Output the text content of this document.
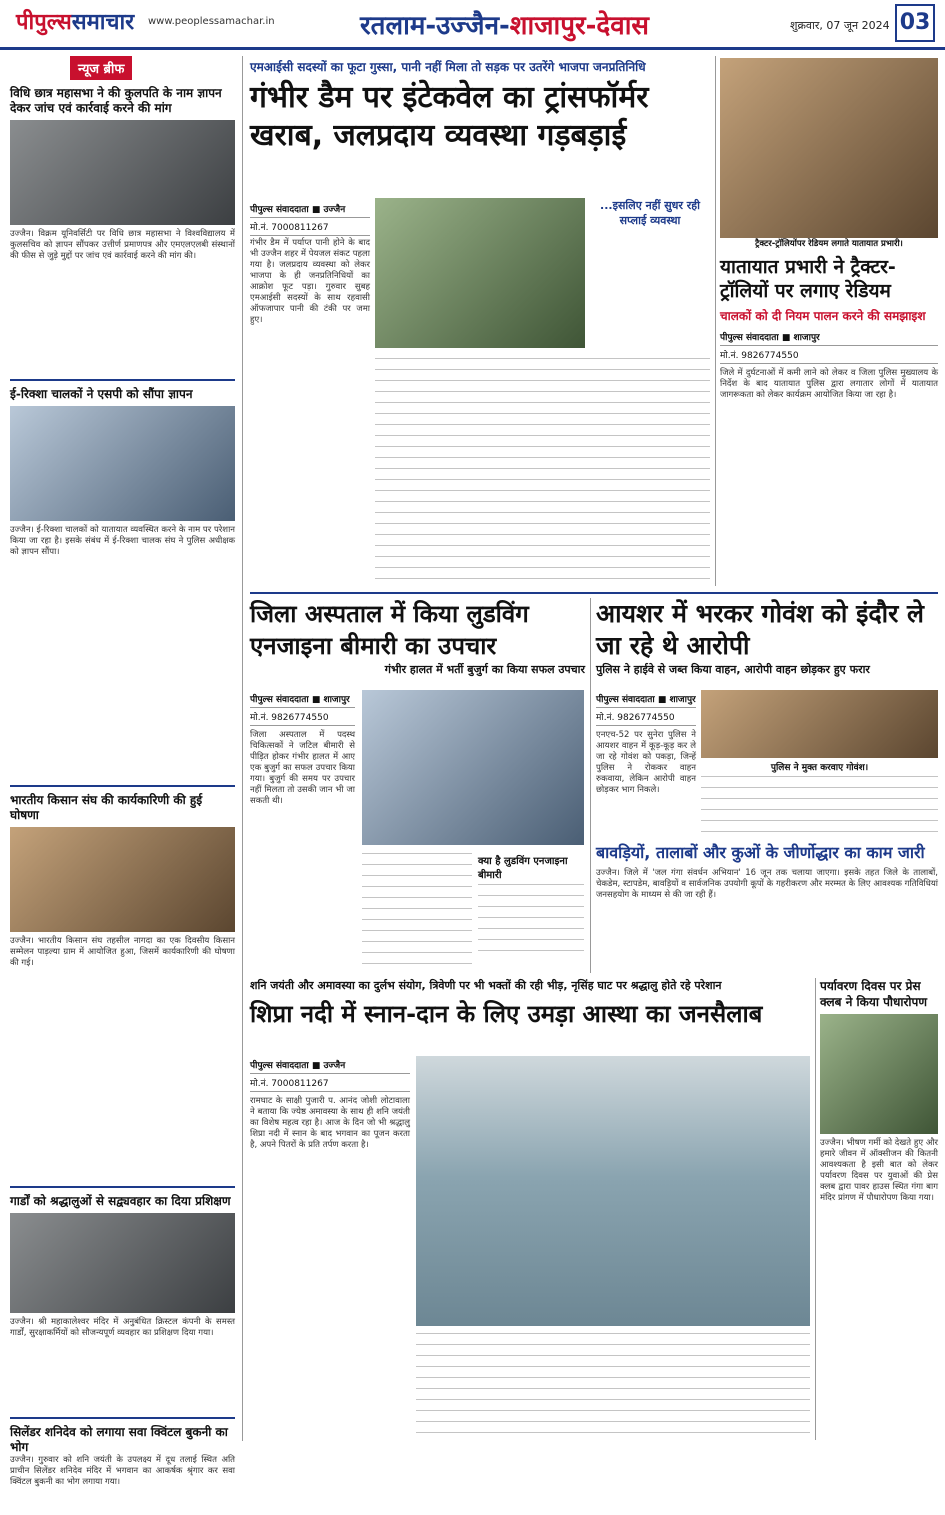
पीपुल्ससमाचार www.peoplessamachar.in	रतलाम-उज्जैन-शाजापुर-देवास	शुक्रवार, 07 जून 2024 03
न्यूज ब्रीफ
विधि छात्र महासभा ने की कुलपति के नाम ज्ञापन देकर जांच एवं कार्रवाई करने की मांग
उज्जैन। विक्रम यूनिवर्सिटी पर विधि छात्र महासभा ने विश्वविद्यालय में कुलसचिव को ज्ञापन सौंपकर उत्तीर्ण प्रमाणपत्र और एमएलएलबी संस्थानों की फीस से जुड़े मुद्दों पर जांच एवं कार्रवाई करने की मांग की।
ई-रिक्शा चालकों ने एसपी को सौंपा ज्ञापन
उज्जैन। ई-रिक्शा चालकों को यातायात व्यवस्थित करने के नाम पर परेशान किया जा रहा है। इसके संबंध में ई-रिक्शा चालक संघ ने पुलिस अधीक्षक को ज्ञापन सौंपा।
भारतीय किसान संघ की कार्यकारिणी की हुई घोषणा
उज्जैन। भारतीय किसान संघ तहसील नागदा का एक दिवसीय किसान सम्मेलन पाड़ल्या ग्राम में आयोजित हुआ, जिसमें कार्यकारिणी की घोषणा की गई।
गार्डों को श्रद्धालुओं से सद्व्यवहार का दिया प्रशिक्षण
उज्जैन। श्री महाकालेश्वर मंदिर में अनुबंधित क्रिस्टल कंपनी के समस्त गार्डों, सुरक्षाकर्मियों को सौजन्यपूर्ण व्यवहार का प्रशिक्षण दिया गया।
सिलेंडर शनिदेव को लगाया सवा क्विंटल बुकनी का भोग
उज्जैन। गुरुवार को शनि जयंती के उपलक्ष्य में दूध तलाई स्थित अति प्राचीन सिलेंडर शनिदेव मंदिर में भगवान का आकर्षक श्रृंगार कर सवा क्विंटल बुकनी का भोग लगाया गया।
एमआईसी सदस्यों का फूटा गुस्सा, पानी नहीं मिला तो सड़क पर उतरेंगे भाजपा जनप्रतिनिधि
गंभीर डैम पर इंटेकवेल का ट्रांसफॉर्मर
खराब, जलप्रदाय व्यवस्था गड़बड़ाई
पीपुल्स संवाददाता ■ उज्जैन
मो.नं. 7000811267
...इसलिए नहीं सुधर रही सप्लाई व्यवस्था
गंभीर डैम में पर्याप्त पानी होने के बाद भी उज्जैन शहर में पेयजल संकट पहला गया है। जलप्रदाय व्यवस्था को लेकर भाजपा के ही जनप्रतिनिधियों का आक्रोश फूट पड़ा। गुरुवार सुबह एमआईसी सदस्यों के साथ रहवासी ऑफजापार पानी की टंकी पर जमा हुए।
ट्रैक्टर-ट्रॉलियोंपर रेडियम लगाते यातायात प्रभारी।
यातायात प्रभारी ने ट्रैक्टर-ट्रॉलियों पर लगाए रेडियम
चालकों को दी नियम पालन करने की समझाइश
पीपुल्स संवाददाता ■ शाजापुर
मो.नं. 9826774550
जिले में दुर्घटनाओं में कमी लाने को लेकर व जिला पुलिस मुख्यालय के निर्देश के बाद यातायात पुलिस द्वारा लगातार लोगों में यातायात जागरूकता को लेकर कार्यक्रम आयोजित किया जा रहा है।
जिला अस्पताल में किया लुडविंग एनजाइना बीमारी का उपचार
गंभीर हालत में भर्ती बुजुर्ग का किया सफल उपचार
पीपुल्स संवाददाता ■ शाजापुर
मो.नं. 9826774550
जिला अस्पताल में पदस्थ चिकित्सकों ने जटिल बीमारी से पीड़ित होकर गंभीर हालत में आए एक बुजुर्ग का सफल उपचार किया गया। बुजुर्ग की समय पर उपचार नहीं मिलता तो उसकी जान भी जा सकती थी।
क्या है लुडविंग एनजाइना बीमारी
आयशर में भरकर गोवंश को इंदौर ले जा रहे थे आरोपी
पुलिस ने हाईवे से जब्त किया वाहन, आरोपी वाहन छोड़कर हुए फरार
पीपुल्स संवाददाता ■ शाजापुर
मो.नं. 9826774550
पुलिस ने मुक्त करवाए गोवंश।
एनएच-52 पर सुनेरा पुलिस ने आयशर वाहन में कूड़-कूड़ कर ले जा रहे गोवंश को पकड़ा, जिन्हें पुलिस ने रोककर वाहन रुकवाया, लेकिन आरोपी वाहन छोड़कर भाग निकले।
बावड़ियों, तालाबों और कुओं के जीर्णोद्धार का काम जारी
उज्जैन। जिले में 'जल गंगा संवर्धन अभियान' 16 जून तक चलाया जाएगा। इसके तहत जिले के तालाबों, चेकडेम, स्टापडेम, बावड़ियों व सार्वजनिक उपयोगी कूपों के गहरीकरण और मरम्मत के लिए आवश्यक गतिविधियां जनसहयोग के माध्यम से की जा रही हैं।
शनि जयंती और अमावस्या का दुर्लभ संयोग, त्रिवेणी पर भी भक्तों की रही भीड़, नृसिंह घाट पर श्रद्धालु होते रहे परेशान
शिप्रा नदी में स्नान-दान के लिए उमड़ा आस्था का जनसैलाब
पीपुल्स संवाददाता ■ उज्जैन
मो.नं. 7000811267
रामघाट के साक्षी पुजारी प. आनंद जोशी लोटावाला ने बताया कि ज्येष्ठ अमावस्या के साथ ही शनि जयंती का विशेष महत्व रहा है। आज के दिन जो भी श्रद्धालु शिप्रा नदी में स्नान के बाद भगवान का पूजन करता है, अपने पितरों के प्रति तर्पण करता है।
पर्यावरण दिवस पर प्रेस क्लब ने किया पौधारोपण
उज्जैन। भीषण गर्मी को देखते हुए और हमारे जीवन में ऑक्सीजन की कितनी आवश्यकता है इसी बात को लेकर पर्यावरण दिवस पर युवाओं की प्रेस क्लब द्वारा पावर हाउस स्थित गंगा बाग मंदिर प्रांगण में पौधारोपण किया गया।
